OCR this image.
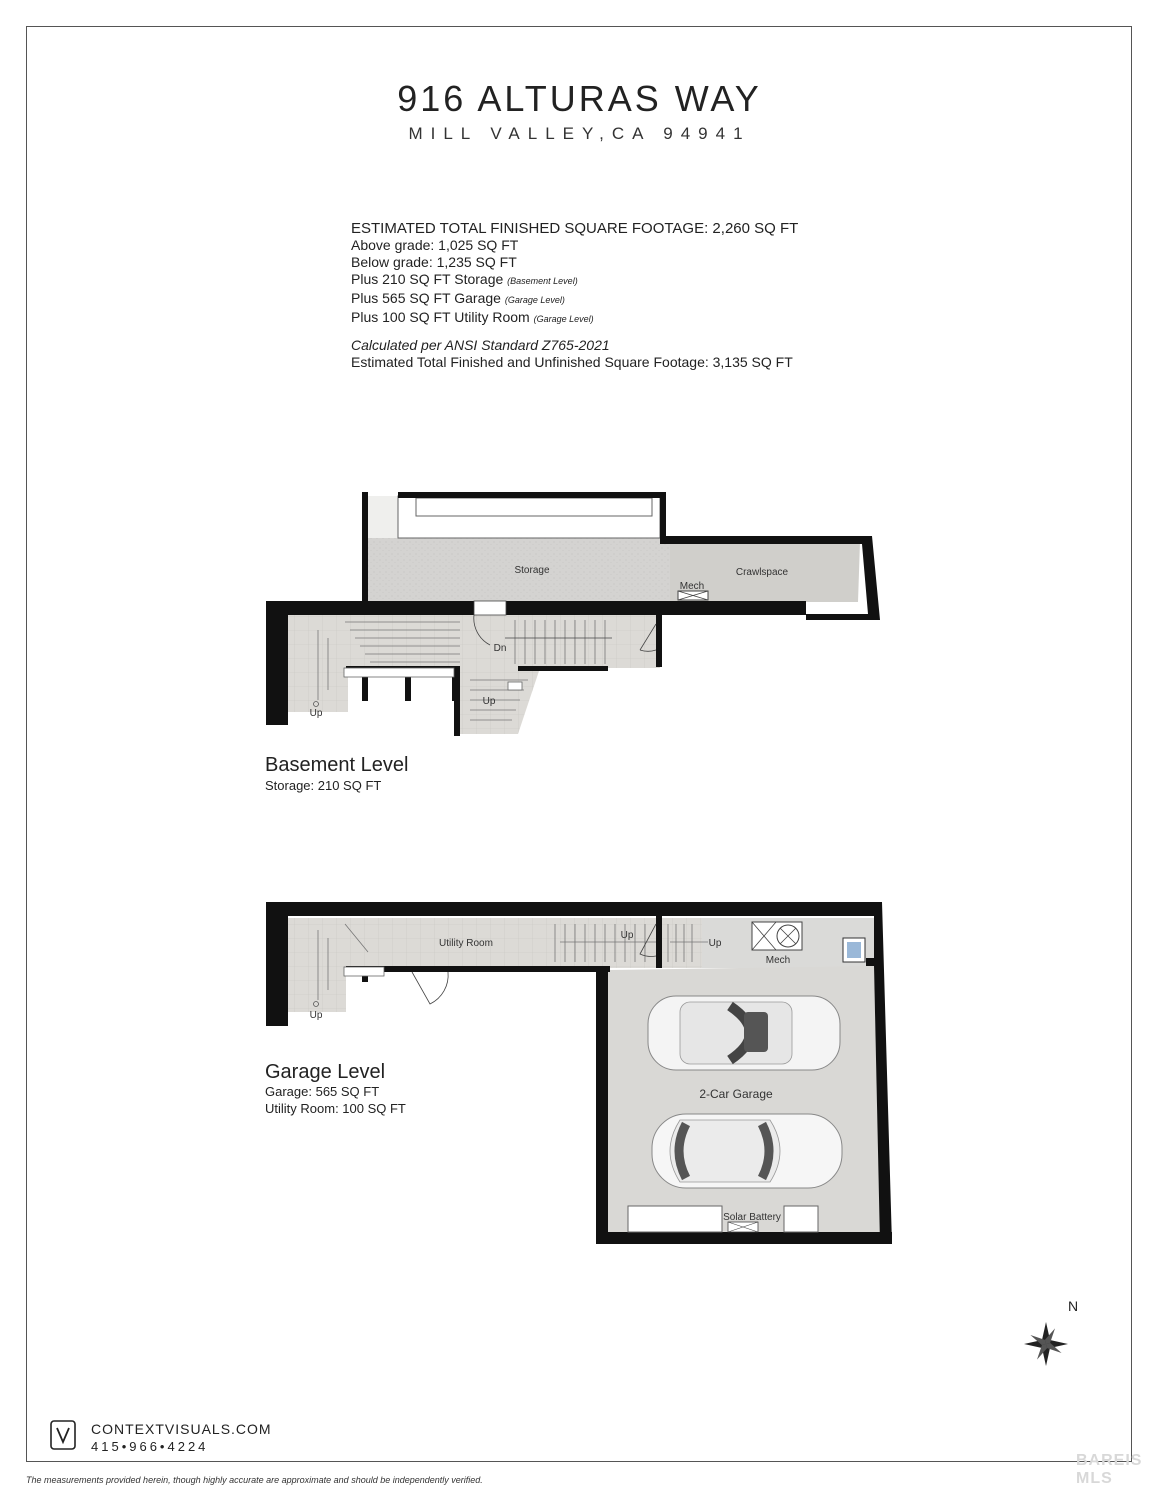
916 ALTURAS WAY
MILL VALLEY,CA 94941
ESTIMATED TOTAL FINISHED SQUARE FOOTAGE: 2,260 SQ FT
Above grade: 1,025 SQ FT
Below grade: 1,235 SQ FT
Plus 210 SQ FT Storage (Basement Level)
Plus 565 SQ FT Garage (Garage Level)
Plus 100 SQ FT Utility Room (Garage Level)
Calculated per ANSI Standard Z765-2021
Estimated Total Finished and Unfinished Square Footage: 3,135 SQ FT
Storage	Crawlspace
Mech
Dn
Up
Up
Utility Room
Up
Up
Up
Mech
2-Car Garage
Solar Battery
Basement Level
Storage: 210 SQ FT
Garage Level
Garage: 565 SQ FT
Utility Room: 100 SQ FT
N
CONTEXTVISUALS.COM
415•966•4224
The measurements provided herein, though highly accurate are approximate and should be independently verified.
BAREIS MLS
